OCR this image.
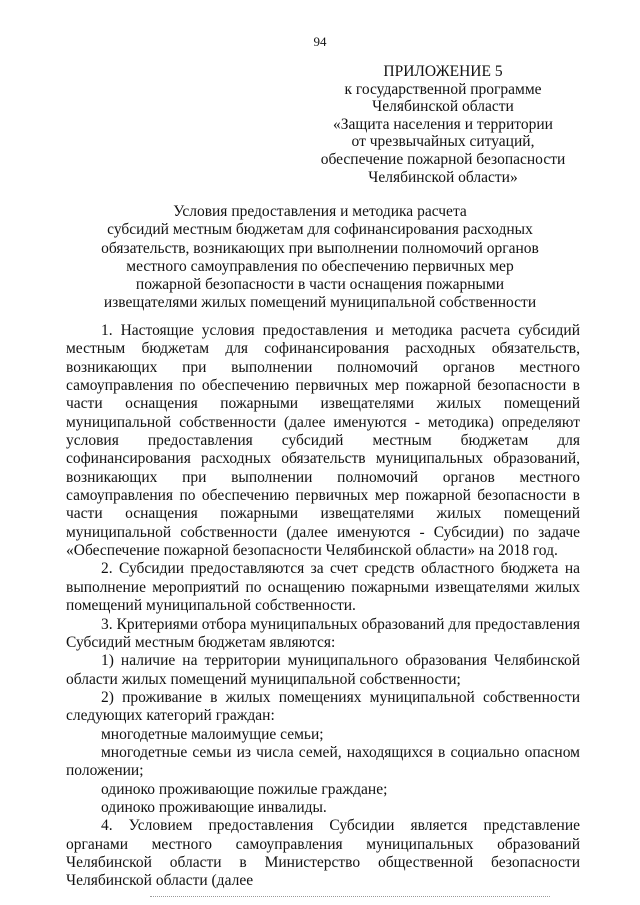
94
ПРИЛОЖЕНИЕ 5
к государственной программе
Челябинской области
«Защита населения и территории
от чрезвычайных ситуаций,
обеспечение пожарной безопасности
Челябинской области»
Условия предоставления и методика расчета
субсидий местным бюджетам для софинансирования расходных
обязательств, возникающих при выполнении полномочий органов
местного самоуправления по обеспечению первичных мер
пожарной безопасности в части оснащения пожарными
извещателями жилых помещений муниципальной собственности

1. Настоящие условия предоставления и методика расчета субсидий местным бюджетам для софинансирования расходных обязательств, возникающих при выполнении полномочий органов местного самоуправления по обеспечению первичных мер пожарной безопасности в части оснащения пожарными извещателями жилых помещений муниципальной собственности (далее именуются - методика) определяют условия предоставления субсидий местным бюджетам для софинансирования расходных обязательств муниципальных образований, возникающих при выполнении полномочий органов местного самоуправления по обеспечению первичных мер пожарной безопасности в части оснащения пожарными извещателями жилых помещений муниципальной собственности (далее именуются - Субсидии) по задаче «Обеспечение пожарной безопасности Челябинской области» на 2018 год.

2. Субсидии предоставляются за счет средств областного бюджета на выполнение мероприятий по оснащению пожарными извещателями жилых помещений муниципальной собственности.

3. Критериями отбора муниципальных образований для предоставления Субсидий местным бюджетам являются:

1) наличие на территории муниципального образования Челябинской области жилых помещений муниципальной собственности;

2) проживание в жилых помещениях муниципальной собственности следующих категорий граждан:

многодетные малоимущие семьи;

многодетные семьи из числа семей, находящихся в социально опасном положении;

одиноко проживающие пожилые граждане;

одиноко проживающие инвалиды.

4. Условием предоставления Субсидии является представление органами местного самоуправления муниципальных образований Челябинской области в Министерство общественной безопасности Челябинской области (далее
